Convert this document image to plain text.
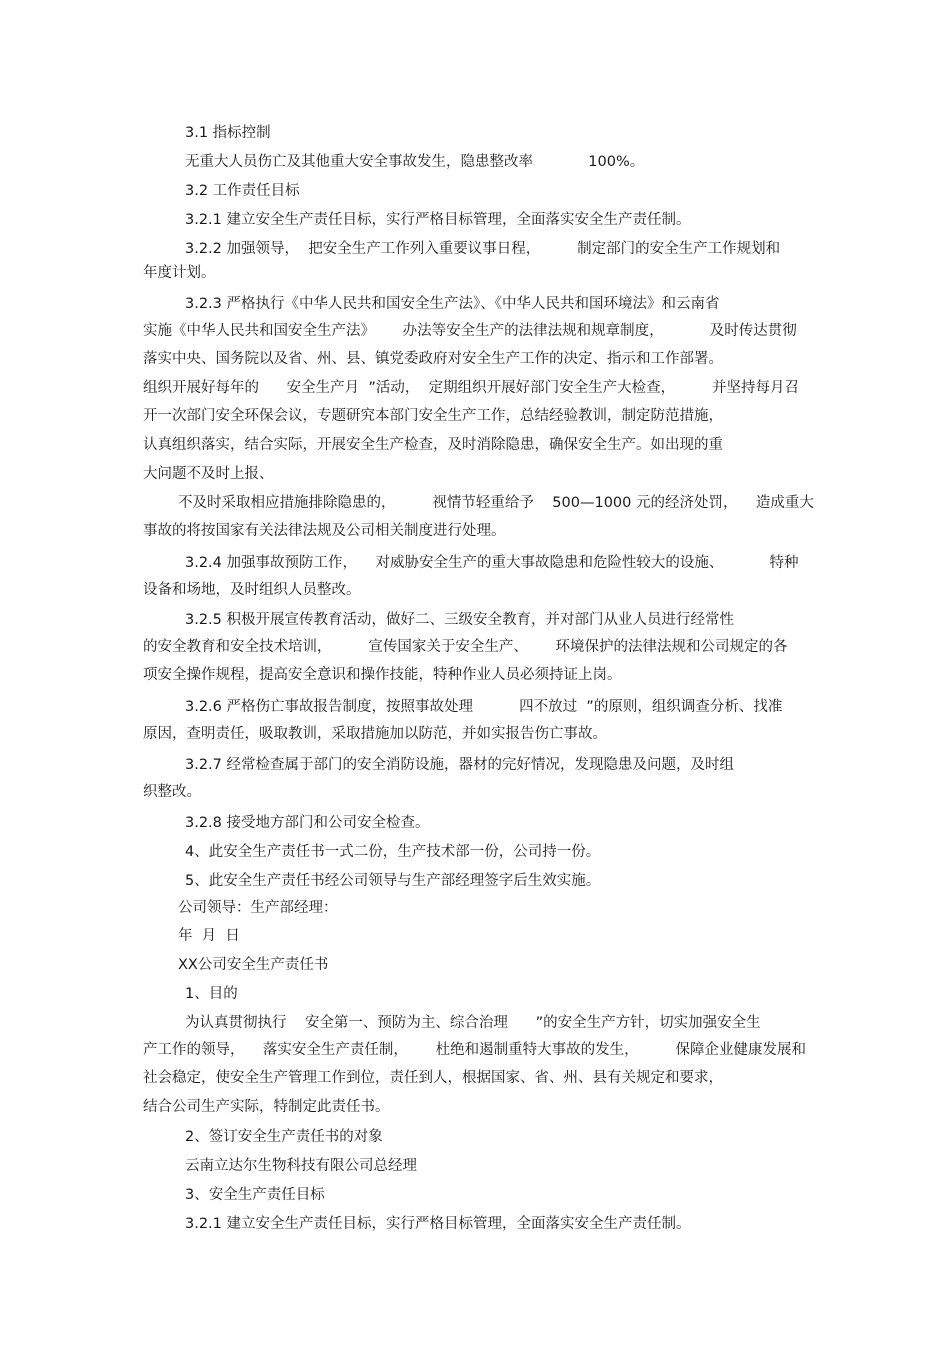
3.1 指标控制
无重大人员伤亡及其他重大安全事故发生，隐患整改率            100%。
3.2 工作责任目标
3.2.1 建立安全生产责任目标，实行严格目标管理，全面落实安全生产责任制。
3.2.2 加强领导，  把安全生产工作列入重要议事日程，        制定部门的安全生产工作规划和
年度计划。
3.2.3 严格执行《中华人民共和国安全生产法》、《中华人民共和国环境法》和云南省
实施《中华人民共和国安全生产法》      办法等安全生产的法律法规和规章制度，          及时传达贯彻
落实中央、国务院以及省、州、县、镇党委政府对安全生产工作的决定、指示和工作部署。
组织开展好每年的      安全生产月  ”活动，  定期组织开展好部门安全生产大检查，        并坚持每月召
开一次部门安全环保会议，专题研究本部门安全生产工作，总结经验教训，制定防范措施，
认真组织落实，结合实际，开展安全生产检查，及时消除隐患，确保安全生产。如出现的重
大问题不及时上报、
不及时采取相应措施排除隐患的，        视情节轻重给予    500—1000 元的经济处罚，    造成重大
事故的将按国家有关法律法规及公司相关制度进行处理。
3.2.4 加强事故预防工作，    对威胁安全生产的重大事故隐患和危险性较大的设施、          特种
设备和场地，及时组织人员整改。
3.2.5 积极开展宣传教育活动，做好二、三级安全教育，并对部门从业人员进行经常性
的安全教育和安全技术培训，        宣传国家关于安全生产、      环境保护的法律法规和公司规定的各
项安全操作规程，提高安全意识和操作技能，特种作业人员必须持证上岗。
3.2.6 严格伤亡事故报告制度，按照事故处理          四不放过  ”的原则，组织调查分析、找准
原因，查明责任，吸取教训，采取措施加以防范，并如实报告伤亡事故。
3.2.7 经常检查属于部门的安全消防设施，器材的完好情况，发现隐患及问题，及时组
织整改。
3.2.8 接受地方部门和公司安全检查。
4、此安全生产责任书一式二份，生产技术部一份，公司持一份。
5、此安全生产责任书经公司领导与生产部经理签字后生效实施。
公司领导：生产部经理：
年  月  日
XX公司安全生产责任书
1、目的
为认真贯彻执行    安全第一、预防为主、综合治理      ”的安全生产方针，切实加强安全生
产工作的领导，    落实安全生产责任制，      杜绝和遏制重特大事故的发生，        保障企业健康发展和
社会稳定，使安全生产管理工作到位，责任到人，根据国家、省、州、县有关规定和要求，
结合公司生产实际，特制定此责任书。
2、签订安全生产责任书的对象
云南立达尔生物科技有限公司总经理
3、安全生产责任目标
3.2.1 建立安全生产责任目标，实行严格目标管理，全面落实安全生产责任制。
